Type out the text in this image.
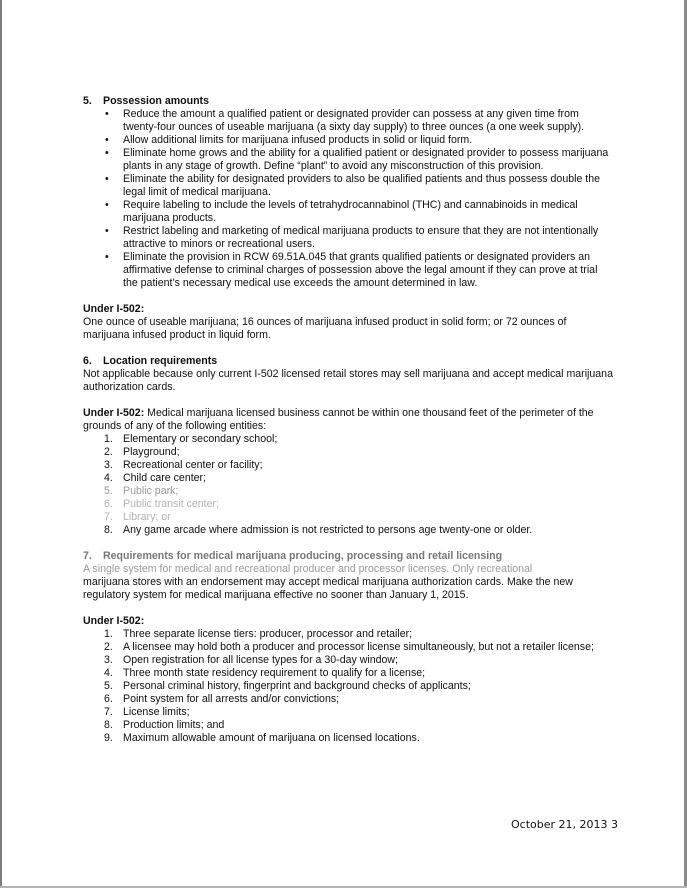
5. Possession amounts

• Reduce the amount a qualified patient or designated provider can possess at any given time from twenty-four ounces of useable marijuana (a sixty day supply) to three ounces (a one week supply).
• Allow additional limits for marijuana infused products in solid or liquid form.
• Eliminate home grows and the ability for a qualified patient or designated provider to possess marijuana plants in any stage of growth. Define “plant” to avoid any misconstruction of this provision.
• Eliminate the ability for designated providers to also be qualified patients and thus possess double the legal limit of medical marijuana.
• Require labeling to include the levels of tetrahydrocannabinol (THC) and cannabinoids in medical marijuana products.
• Restrict labeling and marketing of medical marijuana products to ensure that they are not intentionally attractive to minors or recreational users.
• Eliminate the provision in RCW 69.51A.045 that grants qualified patients or designated providers an affirmative defense to criminal charges of possession above the legal amount if they can prove at trial the patient’s necessary medical use exceeds the amount determined in law.

Under I-502:

One ounce of useable marijuana; 16 ounces of marijuana infused product in solid form; or 72 ounces of marijuana infused product in liquid form.

6. Location requirements

Not applicable because only current I-502 licensed retail stores may sell marijuana and accept medical marijuana authorization cards.

Under I-502: Medical marijuana licensed business cannot be within one thousand feet of the perimeter of the grounds of any of the following entities:

1. Elementary or secondary school;
2. Playground;
3. Recreational center or facility;
4. Child care center;
5. Public park;
6. Public transit center;
7. Library; or
8. Any game arcade where admission is not restricted to persons age twenty-one or older.

7. Requirements for medical marijuana producing, processing and retail licensing

A single system for medical and recreational producer and processor licenses. Only recreational

marijuana stores with an endorsement may accept medical marijuana authorization cards. Make the new regulatory system for medical marijuana effective no sooner than January 1, 2015.

Under I-502:

1. Three separate license tiers: producer, processor and retailer;
2. A licensee may hold both a producer and processor license simultaneously, but not a retailer license;
3. Open registration for all license types for a 30-day window;
4. Three month state residency requirement to qualify for a license;
5. Personal criminal history, fingerprint and background checks of applicants;
6. Point system for all arrests and/or convictions;
7. License limits;
8. Production limits; and
9. Maximum allowable amount of marijuana on licensed locations.
October 21, 2013 3
